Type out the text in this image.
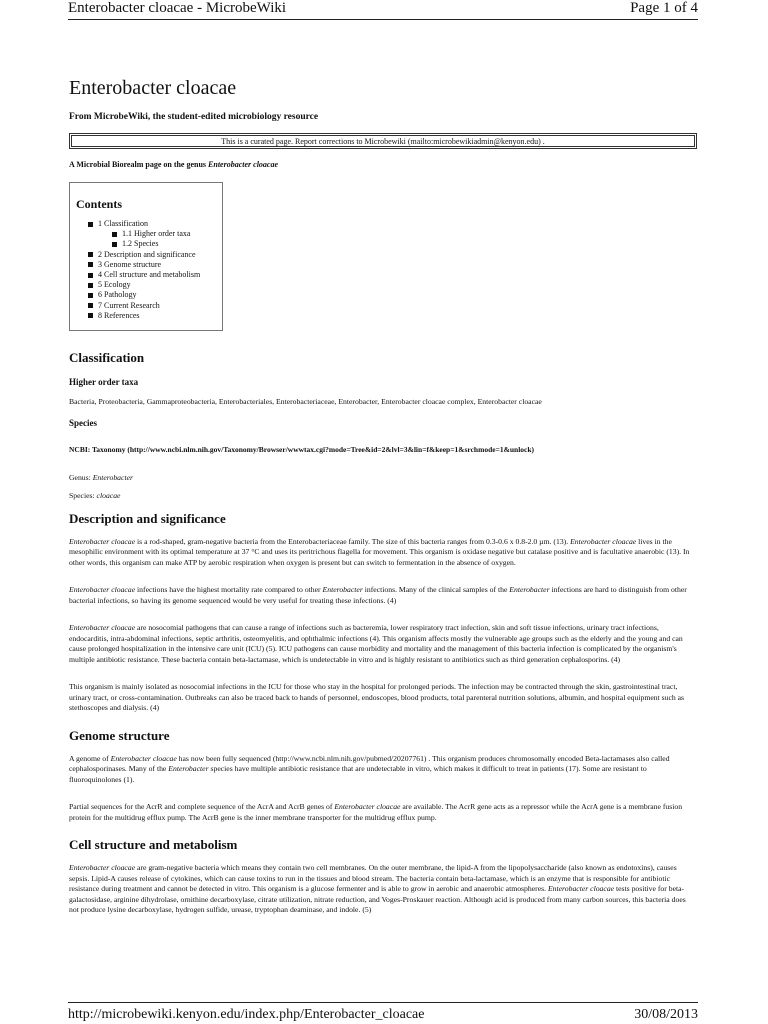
Enterobacter cloacae - MicrobeWiki	Page 1 of 4
Enterobacter cloacae
From MicrobeWiki, the student-edited microbiology resource
This is a curated page. Report corrections to Microbewiki (mailto:microbewikiadmin@kenyon.edu) .
A Microbial Biorealm page on the genus Enterobacter cloacae
Contents
1 Classification
1.1 Higher order taxa
1.2 Species
2 Description and significance
3 Genome structure
4 Cell structure and metabolism
5 Ecology
6 Pathology
7 Current Research
8 References
Classification
Higher order taxa

Bacteria, Proteobacteria, Gammaproteobacteria, Enterobacteriales, Enterobacteriaceae, Enterobacter, Enterobacter cloacae complex, Enterobacter cloacae

Species
NCBI: Taxonomy (http://www.ncbi.nlm.nih.gov/Taxonomy/Browser/wwwtax.cgi?mode=Tree&id=2&lvl=3&lin=f&keep=1&srchmode=1&unlock)
Genus: Enterobacter
Species: cloacae
Description and significance

Enterobacter cloacae is a rod-shaped, gram-negative bacteria from the Enterobacteriaceae family. The size of this bacteria ranges from 0.3-0.6 x 0.8-2.0 µm. (13). Enterobacter cloacae lives in the mesophilic environment with its optimal temperature at 37 °C and uses its peritrichous flagella for movement. This organism is oxidase negative but catalase positive and is facultative anaerobic (13). In other words, this organism can make ATP by aerobic respiration when oxygen is present but can switch to fermentation in the absence of oxygen.

Enterobacter cloacae infections have the highest mortality rate compared to other Enterobacter infections. Many of the clinical samples of the Enterobacter infections are hard to distinguish from other bacterial infections, so having its genome sequenced would be very useful for treating these infections. (4)

Enterobacter cloacae are nosocomial pathogens that can cause a range of infections such as bacteremia, lower respiratory tract infection, skin and soft tissue infections, urinary tract infections, endocarditis, intra-abdominal infections, septic arthritis, osteomyelitis, and ophthalmic infections (4). This organism affects mostly the vulnerable age groups such as the elderly and the young and can cause prolonged hospitalization in the intensive care unit (ICU) (5). ICU pathogens can cause morbidity and mortality and the management of this bacteria infection is complicated by the organism's multiple antibiotic resistance. These bacteria contain beta-lactamase, which is undetectable in vitro and is highly resistant to antibiotics such as third generation cephalosporins. (4)

This organism is mainly isolated as nosocomial infections in the ICU for those who stay in the hospital for prolonged periods. The infection may be contracted through the skin, gastrointestinal tract, urinary tract, or cross-contamination. Outbreaks can also be traced back to hands of personnel, endoscopes, blood products, total parenteral nutrition solutions, albumin, and hospital equipment such as stethoscopes and dialysis. (4)

Genome structure

A genome of Enterobacter cloacae has now been fully sequenced (http://www.ncbi.nlm.nih.gov/pubmed/20207761) . This organism produces chromosomally encoded Beta-lactamases also called cephalosporinases. Many of the Enterobacter species have multiple antibiotic resistance that are undetectable in vitro, which makes it difficult to treat in patients (17). Some are resistant to fluoroquinolones (1).

Partial sequences for the AcrR and complete sequence of the AcrA and AcrB genes of Enterobacter cloacae are available. The AcrR gene acts as a repressor while the AcrA gene is a membrane fusion protein for the multidrug efflux pump. The AcrB gene is the inner membrane transporter for the multidrug efflux pump.

Cell structure and metabolism

Enterobacter cloacae are gram-negative bacteria which means they contain two cell membranes. On the outer membrane, the lipid-A from the lipopolysaccharide (also known as endotoxins), causes sepsis. Lipid-A causes release of cytokines, which can cause toxins to run in the tissues and blood stream. The bacteria contain beta-lactamase, which is an enzyme that is responsible for antibiotic resistance during treatment and cannot be detected in vitro. This organism is a glucose fermenter and is able to grow in aerobic and anaerobic atmospheres. Enterobacter cloacae tests positive for beta-galactosidase, arginine dihydrolase, ornithine decarboxylase, citrate utilization, nitrate reduction, and Voges-Proskauer reaction. Although acid is produced from many carbon sources, this bacteria does not produce lysine decarboxylase, hydrogen sulfide, urease, tryptophan deaminase, and indole. (5)

http://microbewiki.kenyon.edu/index.php/Enterobacter_cloacae	30/08/2013
